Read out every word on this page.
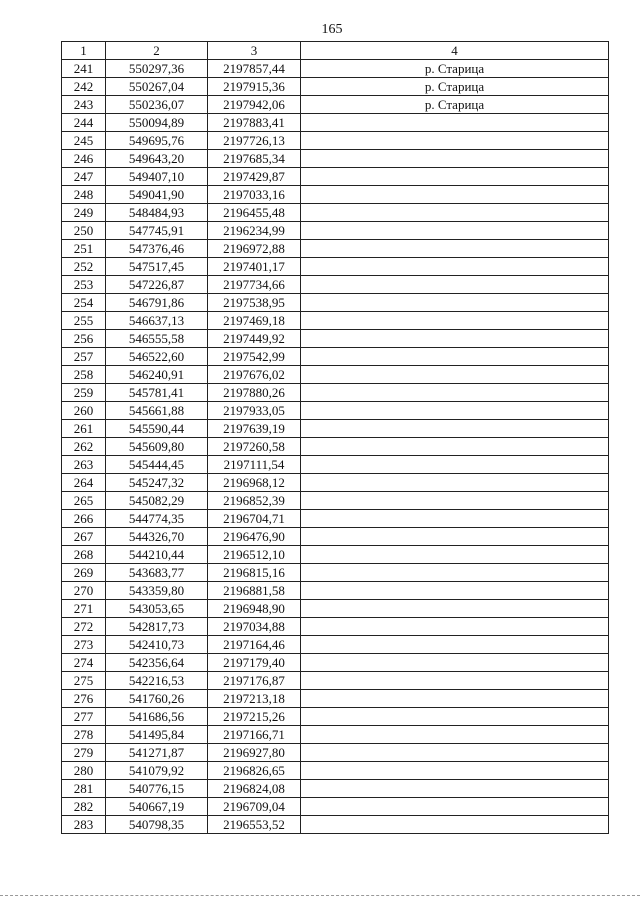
165
1	2	3	4
241	550297,36	2197857,44	р. Старица
242	550267,04	2197915,36	р. Старица
243	550236,07	2197942,06	р. Старица
244	550094,89	2197883,41	
245	549695,76	2197726,13	
246	549643,20	2197685,34	
247	549407,10	2197429,87	
248	549041,90	2197033,16	
249	548484,93	2196455,48	
250	547745,91	2196234,99	
251	547376,46	2196972,88	
252	547517,45	2197401,17	
253	547226,87	2197734,66	
254	546791,86	2197538,95	
255	546637,13	2197469,18	
256	546555,58	2197449,92	
257	546522,60	2197542,99	
258	546240,91	2197676,02	
259	545781,41	2197880,26	
260	545661,88	2197933,05	
261	545590,44	2197639,19	
262	545609,80	2197260,58	
263	545444,45	2197111,54	
264	545247,32	2196968,12	
265	545082,29	2196852,39	
266	544774,35	2196704,71	
267	544326,70	2196476,90	
268	544210,44	2196512,10	
269	543683,77	2196815,16	
270	543359,80	2196881,58	
271	543053,65	2196948,90	
272	542817,73	2197034,88	
273	542410,73	2197164,46	
274	542356,64	2197179,40	
275	542216,53	2197176,87	
276	541760,26	2197213,18	
277	541686,56	2197215,26	
278	541495,84	2197166,71	
279	541271,87	2196927,80	
280	541079,92	2196826,65	
281	540776,15	2196824,08	
282	540667,19	2196709,04	
283	540798,35	2196553,52	
